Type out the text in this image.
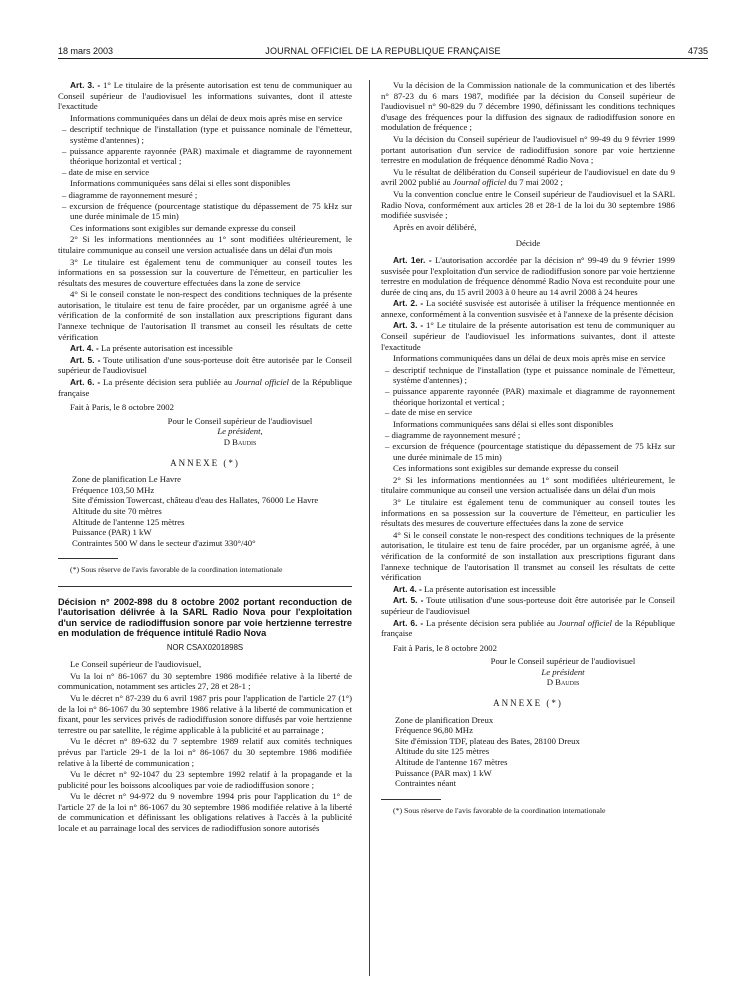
18 mars 2003	JOURNAL OFFICIEL DE LA REPUBLIQUE FRANÇAISE	4735

Art. 3. - 1° Le titulaire de la présente autorisation est tenu de communiquer au Conseil supérieur de l'audiovisuel les informations suivantes, dont il atteste l'exactitude

Informations communiquées dans un délai de deux mois après mise en service

– descriptif technique de l'installation (type et puissance nominale de l'émetteur, système d'antennes) ;
– puissance apparente rayonnée (PAR) maximale et diagramme de rayonnement théorique horizontal et vertical ;
– date de mise en service

Informations communiquées sans délai si elles sont disponibles

– diagramme de rayonnement mesuré ;
– excursion de fréquence (pourcentage statistique du dépassement de 75 kHz sur une durée minimale de 15 min)

Ces informations sont exigibles sur demande expresse du conseil

2° Si les informations mentionnées au 1° sont modifiées ultérieurement, le titulaire communique au conseil une version actualisée dans un délai d'un mois

3° Le titulaire est également tenu de communiquer au conseil toutes les informations en sa possession sur la couverture de l'émetteur, en particulier les résultats des mesures de couverture effectuées dans la zone de service

4° Si le conseil constate le non-respect des conditions techniques de la présente autorisation, le titulaire est tenu de faire procéder, par un organisme agréé à une vérification de la conformité de son installation aux prescriptions figurant dans l'annexe technique de l'autorisation Il transmet au conseil les résultats de cette vérification

Art. 4. - La présente autorisation est incessible

Art. 5. - Toute utilisation d'une sous-porteuse doit être autorisée par le Conseil supérieur de l'audiovisuel

Art. 6. - La présente décision sera publiée au Journal officiel de la République française

Fait à Paris, le 8 octobre 2002

Pour le Conseil supérieur de l'audiovisuel

Le président,

D Baudis

ANNEXE (*)

Zone de planification Le Havre

Fréquence 103,50 MHz

Site d'émission Towercast, château d'eau des Hallates, 76000 Le Havre

Altitude du site 70 mètres

Altitude de l'antenne 125 mètres

Puissance (PAR) 1 kW

Contraintes 500 W dans le secteur d'azimut 330°/40°

(*) Sous réserve de l'avis favorable de la coordination internationale

Décision n° 2002-898 du 8 octobre 2002 portant reconduction de l'autorisation délivrée à la SARL Radio Nova pour l'exploitation d'un service de radiodiffusion sonore par voie hertzienne terrestre en modulation de fréquence intitulé Radio Nova

NOR CSAX0201898S

Le Conseil supérieur de l'audiovisuel,

Vu la loi n° 86-1067 du 30 septembre 1986 modifiée relative à la liberté de communication, notamment ses articles 27, 28 et 28-1 ;

Vu le décret n° 87-239 du 6 avril 1987 pris pour l'application de l'article 27 (1°) de la loi n° 86-1067 du 30 septembre 1986 relative à la liberté de communication et fixant, pour les services privés de radiodiffusion sonore diffusés par voie hertzienne terrestre ou par satellite, le régime applicable à la publicité et au parrainage ;

Vu le décret n° 89-632 du 7 septembre 1989 relatif aux comités techniques prévus par l'article 29-1 de la loi n° 86-1067 du 30 septembre 1986 modifiée relative à la liberté de communication ;

Vu le décret n° 92-1047 du 23 septembre 1992 relatif à la propagande et la publicité pour les boissons alcooliques par voie de radiodiffusion sonore ;

Vu le décret n° 94-972 du 9 novembre 1994 pris pour l'application du 1° de l'article 27 de la loi n° 86-1067 du 30 septembre 1986 modifiée relative à la liberté de communication et définissant les obligations relatives à l'accès à la publicité locale et au parrainage local des services de radiodiffusion sonore autorisés

Vu la décision de la Commission nationale de la communication et des libertés n° 87-23 du 6 mars 1987, modifiée par la décision du Conseil supérieur de l'audiovisuel n° 90-829 du 7 décembre 1990, définissant les conditions techniques d'usage des fréquences pour la diffusion des signaux de radiodiffusion sonore en modulation de fréquence ;

Vu la décision du Conseil supérieur de l'audiovisuel n° 99-49 du 9 février 1999 portant autorisation d'un service de radiodiffusion sonore par voie hertzienne terrestre en modulation de fréquence dénommé Radio Nova ;

Vu le résultat de délibération du Conseil supérieur de l'audiovisuel en date du 9 avril 2002 publié au Journal officiel du 7 mai 2002 ;

Vu la convention conclue entre le Conseil supérieur de l'audiovisuel et la SARL Radio Nova, conformément aux articles 28 et 28-1 de la loi du 30 septembre 1986 modifiée susvisée ;

Après en avoir délibéré,

Décide

Art. 1er. - L'autorisation accordée par la décision n° 99-49 du 9 février 1999 susvisée pour l'exploitation d'un service de radiodiffusion sonore par voie hertzienne terrestre en modulation de fréquence dénommé Radio Nova est reconduite pour une durée de cinq ans, du 15 avril 2003 à 0 heure au 14 avril 2008 à 24 heures

Art. 2. - La société susvisée est autorisée à utiliser la fréquence mentionnée en annexe, conformément à la convention susvisée et à l'annexe de la présente décision

Art. 3. - 1° Le titulaire de la présente autorisation est tenu de communiquer au Conseil supérieur de l'audiovisuel les informations suivantes, dont il atteste l'exactitude

Informations communiquées dans un délai de deux mois après mise en service

– descriptif technique de l'installation (type et puissance nominale de l'émetteur, système d'antennes) ;
– puissance apparente rayonnée (PAR) maximale et diagramme de rayonnement théorique horizontal et vertical ;
– date de mise en service

Informations communiquées sans délai si elles sont disponibles

– diagramme de rayonnement mesuré ;
– excursion de fréquence (pourcentage statistique du dépassement de 75 kHz sur une durée minimale de 15 min)

Ces informations sont exigibles sur demande expresse du conseil

2° Si les informations mentionnées au 1° sont modifiées ultérieurement, le titulaire communique au conseil une version actualisée dans un délai d'un mois

3° Le titulaire est également tenu de communiquer au conseil toutes les informations en sa possession sur la couverture de l'émetteur, en particulier les résultats des mesures de couverture effectuées dans la zone de service

4° Si le conseil constate le non-respect des conditions techniques de la présente autorisation, le titulaire est tenu de faire procéder, par un organisme agréé, à une vérification de la conformité de son installation aux prescriptions figurant dans l'annexe technique de l'autorisation Il transmet au conseil les résultats de cette vérification

Art. 4. - La présente autorisation est incessible

Art. 5. - Toute utilisation d'une sous-porteuse doit être autorisée par le Conseil supérieur de l'audiovisuel

Art. 6. - La présente décision sera publiée au Journal officiel de la République française

Fait à Paris, le 8 octobre 2002

Pour le Conseil supérieur de l'audiovisuel

Le président

D Baudis

ANNEXE (*)

Zone de planification Dreux

Fréquence 96,80 MHz

Site d'émission TDF, plateau des Bates, 28100 Dreux

Altitude du site 125 mètres

Altitude de l'antenne 167 mètres

Puissance (PAR max) 1 kW

Contraintes néant

(*) Sous réserve de l'avis favorable de la coordination internationale
